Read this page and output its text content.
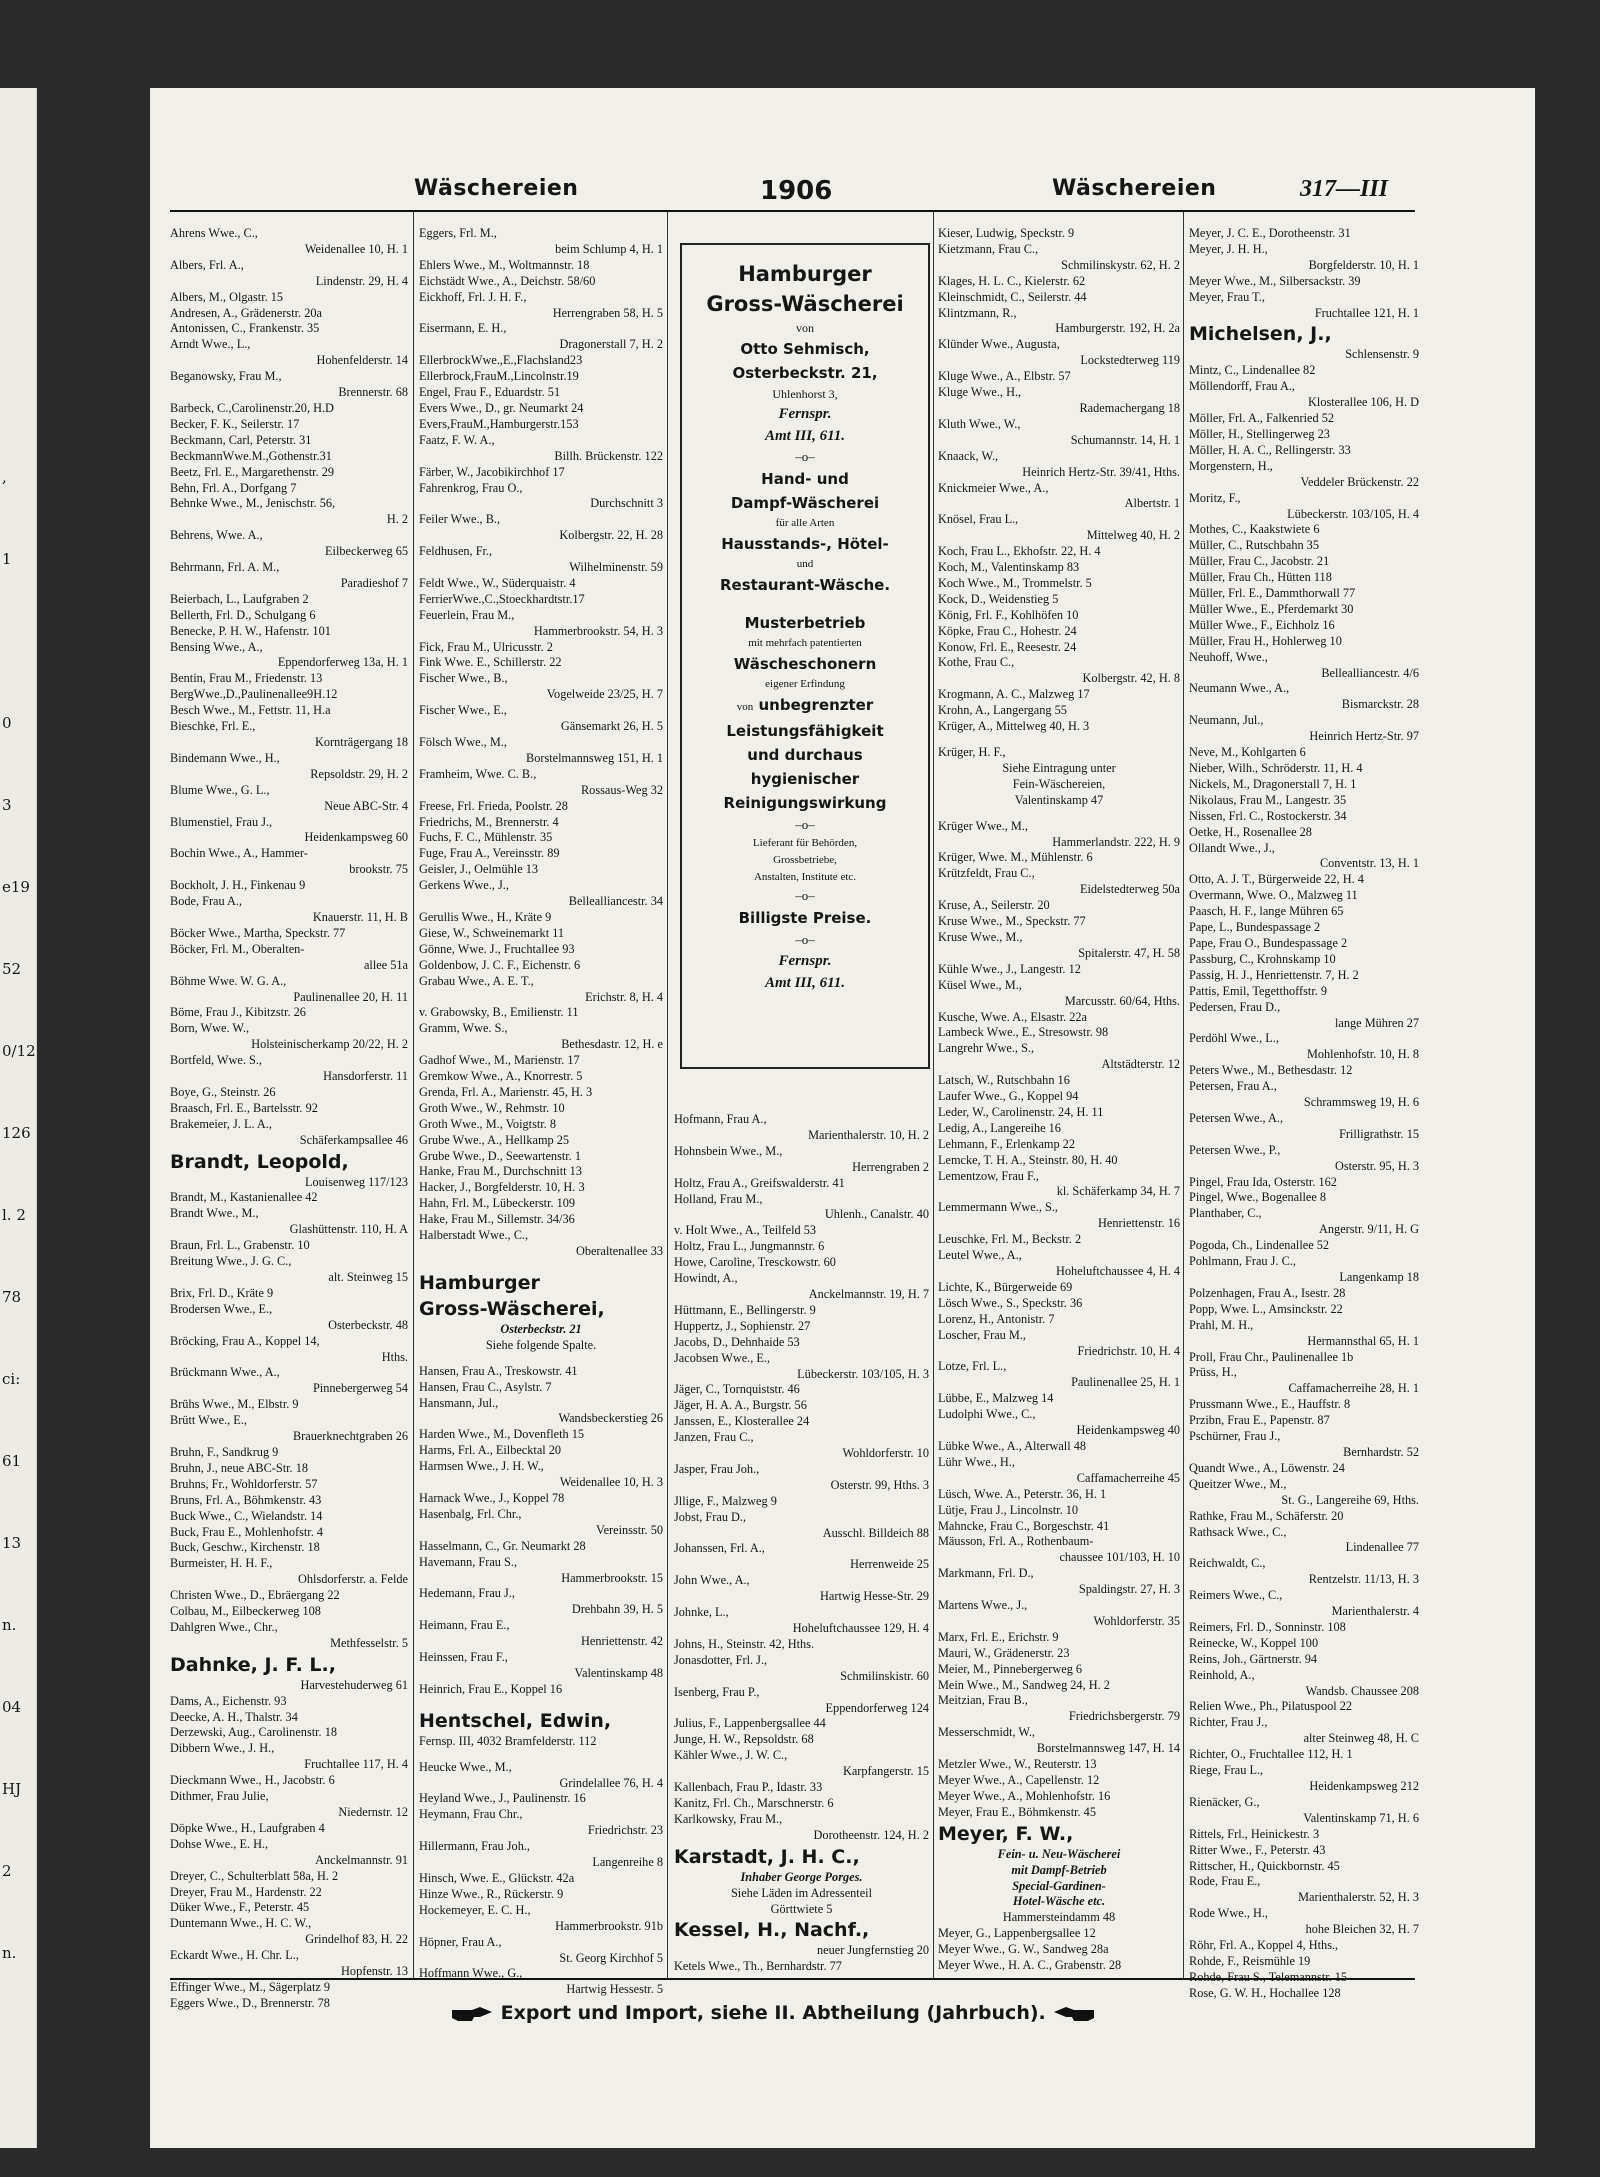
,
1
0
3
e19
52
0/12
126
l. 2
78
ci:
61
13
n.
04
HJ
2
n.
Wäschereien	1906	Wäschereien	317—III
Ahrens Wwe., C.,
Weidenallee 10, H. 1
Albers, Frl. A.,
Lindenstr. 29, H. 4
Albers, M., Olgastr. 15
Andresen, A., Grädenerstr. 20a
Antonissen, C., Frankenstr. 35
Arndt Wwe., L.,
Hohenfelderstr. 14
Beganowsky, Frau M.,
Brennerstr. 68
Barbeck, C.,Carolinenstr.20, H.D
Becker, F. K., Seilerstr. 17
Beckmann, Carl, Peterstr. 31
BeckmannWwe.M.,Gothenstr.31
Beetz, Frl. E., Margarethenstr. 29
Behn, Frl. A., Dorfgang 7
Behnke Wwe., M., Jenischstr. 56,
H. 2
Behrens, Wwe. A.,
Eilbeckerweg 65
Behrmann, Frl. A. M.,
Paradieshof 7
Beierbach, L., Laufgraben 2
Bellerth, Frl. D., Schulgang 6
Benecke, P. H. W., Hafenstr. 101
Bensing Wwe., A.,
Eppendorferweg 13a, H. 1
Bentin, Frau M., Friedenstr. 13
BergWwe.,D.,Paulinenallee9H.12
Besch Wwe., M., Fettstr. 11, H.a
Bieschke, Frl. E.,
Kornträgergang 18
Bindemann Wwe., H.,
Repsoldstr. 29, H. 2
Blume Wwe., G. L.,
Neue ABC-Str. 4
Blumenstiel, Frau J.,
Heidenkampsweg 60
Bochin Wwe., A., Hammer-
brookstr. 75
Bockholt, J. H., Finkenau 9
Bode, Frau A.,
Knauerstr. 11, H. B
Böcker Wwe., Martha, Speckstr. 77
Böcker, Frl. M., Oberalten-
allee 51a
Böhme Wwe. W. G. A.,
Paulinenallee 20, H. 11
Böme, Frau J., Kibitzstr. 26
Born, Wwe. W.,
Holsteinischerkamp 20/22, H. 2
Bortfeld, Wwe. S.,
Hansdorferstr. 11
Boye, G., Steinstr. 26
Braasch, Frl. E., Bartelsstr. 92
Brakemeier, J. L. A.,
Schäferkampsallee 46
Brandt, Leopold,
Louisenweg 117/123
Brandt, M., Kastanienallee 42
Brandt Wwe., M.,
Glashüttenstr. 110, H. A
Braun, Frl. L., Grabenstr. 10
Breitung Wwe., J. G. C.,
alt. Steinweg 15
Brix, Frl. D., Kräte 9
Brodersen Wwe., E.,
Osterbeckstr. 48
Bröcking, Frau A., Koppel 14,
Hths.
Brückmann Wwe., A.,
Pinnebergerweg 54
Brühs Wwe., M., Elbstr. 9
Brütt Wwe., E.,
Brauerknechtgraben 26
Bruhn, F., Sandkrug 9
Bruhn, J., neue ABC-Str. 18
Bruhns, Fr., Wohldorferstr. 57
Bruns, Frl. A., Böhmkenstr. 43
Buck Wwe., C., Wielandstr. 14
Buck, Frau E., Mohlenhofstr. 4
Buck, Geschw., Kirchenstr. 18
Burmeister, H. H. F.,
Ohlsdorferstr. a. Felde
Christen Wwe., D., Ebräergang 22
Colbau, M., Eilbeckerweg 108
Dahlgren Wwe., Chr.,
Methfesselstr. 5
Dahnke, J. F. L.,
Harvestehuderweg 61
Dams, A., Eichenstr. 93
Deecke, A. H., Thalstr. 34
Derzewski, Aug., Carolinenstr. 18
Dibbern Wwe., J. H.,
Fruchtallee 117, H. 4
Dieckmann Wwe., H., Jacobstr. 6
Dithmer, Frau Julie,
Niedernstr. 12
Döpke Wwe., H., Laufgraben 4
Dohse Wwe., E. H.,
Anckelmannstr. 91
Dreyer, C., Schulterblatt 58a, H. 2
Dreyer, Frau M., Hardenstr. 22
Düker Wwe., F., Peterstr. 45
Duntemann Wwe., H. C. W.,
Grindelhof 83, H. 22
Eckardt Wwe., H. Chr. L.,
Hopfenstr. 13
Effinger Wwe., M., Sägerplatz 9
Eggers Wwe., D., Brennerstr. 78
Eggers, Frl. M.,
beim Schlump 4, H. 1
Ehlers Wwe., M., Woltmannstr. 18
Eichstädt Wwe., A., Deichstr. 58/60
Eickhoff, Frl. J. H. F.,
Herrengraben 58, H. 5
Eisermann, E. H.,
Dragonerstall 7, H. 2
EllerbrockWwe.,E.,Flachsland23
Ellerbrock,FrauM.,Lincolnstr.19
Engel, Frau F., Eduardstr. 51
Evers Wwe., D., gr. Neumarkt 24
Evers,FrauM.,Hamburgerstr.153
Faatz, F. W. A.,
Billh. Brückenstr. 122
Färber, W., Jacobikirchhof 17
Fahrenkrog, Frau O.,
Durchschnitt 3
Feiler Wwe., B.,
Kolbergstr. 22, H. 28
Feldhusen, Fr.,
Wilhelminenstr. 59
Feldt Wwe., W., Süderquaistr. 4
FerrierWwe.,C.,Stoeckhardtstr.17
Feuerlein, Frau M.,
Hammerbrookstr. 54, H. 3
Fick, Frau M., Ulricusstr. 2
Fink Wwe. E., Schillerstr. 22
Fischer Wwe., B.,
Vogelweide 23/25, H. 7
Fischer Wwe., E.,
Gänsemarkt 26, H. 5
Fölsch Wwe., M.,
Borstelmannsweg 151, H. 1
Framheim, Wwe. C. B.,
Rossaus-Weg 32
Freese, Frl. Frieda, Poolstr. 28
Friedrichs, M., Brennerstr. 4
Fuchs, F. C., Mühlenstr. 35
Fuge, Frau A., Vereinsstr. 89
Geisler, J., Oelmühle 13
Gerkens Wwe., J.,
Bellealliancestr. 34
Gerullis Wwe., H., Kräte 9
Giese, W., Schweinemarkt 11
Gönne, Wwe. J., Fruchtallee 93
Goldenbow, J. C. F., Eichenstr. 6
Grabau Wwe., A. E. T.,
Erichstr. 8, H. 4
v. Grabowsky, B., Emilienstr. 11
Gramm, Wwe. S.,
Bethesdastr. 12, H. e
Gadhof Wwe., M., Marienstr. 17
Gremkow Wwe., A., Knorrestr. 5
Grenda, Frl. A., Marienstr. 45, H. 3
Groth Wwe., W., Rehmstr. 10
Groth Wwe., M., Voigtstr. 8
Grube Wwe., A., Hellkamp 25
Grube Wwe., D., Seewartenstr. 1
Hanke, Frau M., Durchschnitt 13
Hacker, J., Borgfelderstr. 10, H. 3
Hahn, Frl. M., Lübeckerstr. 109
Hake, Frau M., Sillemstr. 34/36
Halberstadt Wwe., C.,
Oberaltenallee 33
Hamburger
Gross-Wäscherei,
Osterbeckstr. 21
Siehe folgende Spalte.
Hansen, Frau A., Treskowstr. 41
Hansen, Frau C., Asylstr. 7
Hansmann, Jul.,
Wandsbeckerstieg 26
Harden Wwe., M., Dovenfleth 15
Harms, Frl. A., Eilbecktal 20
Harmsen Wwe., J. H. W.,
Weidenallee 10, H. 3
Harnack Wwe., J., Koppel 78
Hasenbalg, Frl. Chr.,
Vereinsstr. 50
Hasselmann, C., Gr. Neumarkt 28
Havemann, Frau S.,
Hammerbrookstr. 15
Hedemann, Frau J.,
Drehbahn 39, H. 5
Heimann, Frau E.,
Henriettenstr. 42
Heinssen, Frau F.,
Valentinskamp 48
Heinrich, Frau E., Koppel 16
Hentschel, Edwin,
Fernsp. III, 4032 Bramfelderstr. 112
Heucke Wwe., M.,
Grindelallee 76, H. 4
Heyland Wwe., J., Paulinenstr. 16
Heymann, Frau Chr.,
Friedrichstr. 23
Hillermann, Frau Joh.,
Langenreihe 8
Hinsch, Wwe. E., Glückstr. 42a
Hinze Wwe., R., Rückerstr. 9
Hockemeyer, E. C. H.,
Hammerbrookstr. 91b
Höpner, Frau A.,
St. Georg Kirchhof 5
Hoffmann Wwe., G.,
Hartwig Hessestr. 5
Hofmann, Frau A.,
Marienthalerstr. 10, H. 2
Hohnsbein Wwe., M.,
Herrengraben 2
Holtz, Frau A., Greifswalderstr. 41
Holland, Frau M.,
Uhlenh., Canalstr. 40
v. Holt Wwe., A., Teilfeld 53
Holtz, Frau L., Jungmannstr. 6
Howe, Caroline, Tresckowstr. 60
Howindt, A.,
Anckelmannstr. 19, H. 7
Hüttmann, E., Bellingerstr. 9
Huppertz, J., Sophienstr. 27
Jacobs, D., Dehnhaide 53
Jacobsen Wwe., E.,
Lübeckerstr. 103/105, H. 3
Jäger, C., Tornquiststr. 46
Jäger, H. A. A., Burgstr. 56
Janssen, E., Klosterallee 24
Janzen, Frau C.,
Wohldorferstr. 10
Jasper, Frau Joh.,
Osterstr. 99, Hths. 3
Jllige, F., Malzweg 9
Jobst, Frau D.,
Ausschl. Billdeich 88
Johanssen, Frl. A.,
Herrenweide 25
John Wwe., A.,
Hartwig Hesse-Str. 29
Johnke, L.,
Hoheluftchaussee 129, H. 4
Johns, H., Steinstr. 42, Hths.
Jonasdotter, Frl. J.,
Schmilinskistr. 60
Isenberg, Frau P.,
Eppendorferweg 124
Julius, F., Lappenbergsallee 44
Junge, H. W., Repsoldstr. 68
Kähler Wwe., J. W. C.,
Karpfangerstr. 15
Kallenbach, Frau P., Idastr. 33
Kanitz, Frl. Ch., Marschnerstr. 6
Karlkowsky, Frau M.,
Dorotheenstr. 124, H. 2
Karstadt, J. H. C.,
Inhaber George Porges.
Siehe Läden im Adressenteil
Görttwiete 5
Kessel, H., Nachf.,
neuer Jungfernstieg 20
Ketels Wwe., Th., Bernhardstr. 77
Kieser, Ludwig, Speckstr. 9
Kietzmann, Frau C.,
Schmilinskystr. 62, H. 2
Klages, H. L. C., Kielerstr. 62
Kleinschmidt, C., Seilerstr. 44
Klintzmann, R.,
Hamburgerstr. 192, H. 2a
Klünder Wwe., Augusta,
Lockstedterweg 119
Kluge Wwe., A., Elbstr. 57
Kluge Wwe., H.,
Rademachergang 18
Kluth Wwe., W.,
Schumannstr. 14, H. 1
Knaack, W.,
Heinrich Hertz-Str. 39/41, Hths.
Knickmeier Wwe., A.,
Albertstr. 1
Knösel, Frau L.,
Mittelweg 40, H. 2
Koch, Frau L., Ekhofstr. 22, H. 4
Koch, M., Valentinskamp 83
Koch Wwe., M., Trommelstr. 5
Kock, D., Weidenstieg 5
König, Frl. F., Kohlhöfen 10
Köpke, Frau C., Hohestr. 24
Konow, Frl. E., Reesestr. 24
Kothe, Frau C.,
Kolbergstr. 42, H. 8
Krogmann, A. C., Malzweg 17
Krohn, A., Langergang 55
Krüger, A., Mittelweg 40, H. 3
Krüger, H. F.,
Siehe Eintragung unter
Fein-Wäschereien,
Valentinskamp 47
Krüger Wwe., M.,
Hammerlandstr. 222, H. 9
Krüger, Wwe. M., Mühlenstr. 6
Krützfeldt, Frau C.,
Eidelstedterweg 50a
Kruse, A., Seilerstr. 20
Kruse Wwe., M., Speckstr. 77
Kruse Wwe., M.,
Spitalerstr. 47, H. 58
Kühle Wwe., J., Langestr. 12
Küsel Wwe., M.,
Marcusstr. 60/64, Hths.
Kusche, Wwe. A., Elsastr. 22a
Lambeck Wwe., E., Stresowstr. 98
Langrehr Wwe., S.,
Altstädterstr. 12
Latsch, W., Rutschbahn 16
Laufer Wwe., G., Koppel 94
Leder, W., Carolinenstr. 24, H. 11
Ledig, A., Langereihe 16
Lehmann, F., Erlenkamp 22
Lemcke, T. H. A., Steinstr. 80, H. 40
Lementzow, Frau F.,
kl. Schäferkamp 34, H. 7
Lemmermann Wwe., S.,
Henriettenstr. 16
Leuschke, Frl. M., Beckstr. 2
Leutel Wwe., A.,
Hoheluftchaussee 4, H. 4
Lichte, K., Bürgerweide 69
Lösch Wwe., S., Speckstr. 36
Lorenz, H., Antonistr. 7
Loscher, Frau M.,
Friedrichstr. 10, H. 4
Lotze, Frl. L.,
Paulinenallee 25, H. 1
Lübbe, E., Malzweg 14
Ludolphi Wwe., C.,
Heidenkampsweg 40
Lübke Wwe., A., Alterwall 48
Lühr Wwe., H.,
Caffamacherreihe 45
Lüsch, Wwe. A., Peterstr. 36, H. 1
Lütje, Frau J., Lincolnstr. 10
Mahncke, Frau C., Borgeschstr. 41
Mäusson, Frl. A., Rothenbaum-
chaussee 101/103, H. 10
Markmann, Frl. D.,
Spaldingstr. 27, H. 3
Martens Wwe., J.,
Wohldorferstr. 35
Marx, Frl. E., Erichstr. 9
Mauri, W., Grädenerstr. 23
Meier, M., Pinnebergerweg 6
Mein Wwe., M., Sandweg 24, H. 2
Meitzian, Frau B.,
Friedrichsbergerstr. 79
Messerschmidt, W.,
Borstelmannsweg 147, H. 14
Metzler Wwe., W., Reuterstr. 13
Meyer Wwe., A., Capellenstr. 12
Meyer Wwe., A., Mohlenhofstr. 16
Meyer, Frau E., Böhmkenstr. 45
Meyer, F. W.,
Fein- u. Neu-Wäscherei
mit Dampf-Betrieb
Special-Gardinen-
Hotel-Wäsche etc.
Hammersteindamm 48
Meyer, G., Lappenbergsallee 12
Meyer Wwe., G. W., Sandweg 28a
Meyer Wwe., H. A. C., Grabenstr. 28
Meyer, J. C. E., Dorotheenstr. 31
Meyer, J. H. H.,
Borgfelderstr. 10, H. 1
Meyer Wwe., M., Silbersackstr. 39
Meyer, Frau T.,
Fruchtallee 121, H. 1
Michelsen, J.,
Schlensenstr. 9
Mintz, C., Lindenallee 82
Möllendorff, Frau A.,
Klosterallee 106, H. D
Möller, Frl. A., Falkenried 52
Möller, H., Stellingerweg 23
Möller, H. A. C., Rellingerstr. 33
Morgenstern, H.,
Veddeler Brückenstr. 22
Moritz, F.,
Lübeckerstr. 103/105, H. 4
Mothes, C., Kaakstwiete 6
Müller, C., Rutschbahn 35
Müller, Frau C., Jacobstr. 21
Müller, Frau Ch., Hütten 118
Müller, Frl. E., Dammthorwall 77
Müller Wwe., E., Pferdemarkt 30
Müller Wwe., F., Eichholz 16
Müller, Frau H., Hohlerweg 10
Neuhoff, Wwe.,
Bellealliancestr. 4/6
Neumann Wwe., A.,
Bismarckstr. 28
Neumann, Jul.,
Heinrich Hertz-Str. 97
Neve, M., Kohlgarten 6
Nieber, Wilh., Schröderstr. 11, H. 4
Nickels, M., Dragonerstall 7, H. 1
Nikolaus, Frau M., Langestr. 35
Nissen, Frl. C., Rostockerstr. 34
Oetke, H., Rosenallee 28
Ollandt Wwe., J.,
Conventstr. 13, H. 1
Otto, A. J. T., Bürgerweide 22, H. 4
Overmann, Wwe. O., Malzweg 11
Paasch, H. F., lange Mühren 65
Pape, L., Bundespassage 2
Pape, Frau O., Bundespassage 2
Passburg, C., Krohnskamp 10
Passig, H. J., Henriettenstr. 7, H. 2
Pattis, Emil, Tegetthoffstr. 9
Pedersen, Frau D.,
lange Mühren 27
Perdöhl Wwe., L.,
Mohlenhofstr. 10, H. 8
Peters Wwe., M., Bethesdastr. 12
Petersen, Frau A.,
Schrammsweg 19, H. 6
Petersen Wwe., A.,
Frilligrathstr. 15
Petersen Wwe., P.,
Osterstr. 95, H. 3
Pingel, Frau Ida, Osterstr. 162
Pingel, Wwe., Bogenallee 8
Planthaber, C.,
Angerstr. 9/11, H. G
Pogoda, Ch., Lindenallee 52
Pohlmann, Frau J. C.,
Langenkamp 18
Polzenhagen, Frau A., Isestr. 28
Popp, Wwe. L., Amsinckstr. 22
Prahl, M. H.,
Hermannsthal 65, H. 1
Proll, Frau Chr., Paulinenallee 1b
Prüss, H.,
Caffamacherreihe 28, H. 1
Prussmann Wwe., E., Hauffstr. 8
Przibn, Frau E., Papenstr. 87
Pschürner, Frau J.,
Bernhardstr. 52
Quandt Wwe., A., Löwenstr. 24
Queitzer Wwe., M.,
St. G., Langereihe 69, Hths.
Rathke, Frau M., Schäferstr. 20
Rathsack Wwe., C.,
Lindenallee 77
Reichwaldt, C.,
Rentzelstr. 11/13, H. 3
Reimers Wwe., C.,
Marienthalerstr. 4
Reimers, Frl. D., Sonninstr. 108
Reinecke, W., Koppel 100
Reins, Joh., Gärtnerstr. 94
Reinhold, A.,
Wandsb. Chaussee 208
Relien Wwe., Ph., Pilatuspool 22
Richter, Frau J.,
alter Steinweg 48, H. C
Richter, O., Fruchtallee 112, H. 1
Riege, Frau L.,
Heidenkampsweg 212
Rienäcker, G.,
Valentinskamp 71, H. 6
Rittels, Frl., Heinickestr. 3
Ritter Wwe., F., Peterstr. 43
Rittscher, H., Quickbornstr. 45
Rode, Frau E.,
Marienthalerstr. 52, H. 3
Rode Wwe., H.,
hohe Bleichen 32, H. 7
Röhr, Frl. A., Koppel 4, Hths.,
Rohde, F., Reismühle 19
Rohde, Frau S., Telemannstr. 15
Rose, G. W. H., Hochallee 128
Hamburger
Gross-Wäscherei
von
Otto Sehmisch,
Osterbeckstr. 21,
Uhlenhorst 3,
Fernspr.
Amt III, 611.
–o–
Hand- und
Dampf-Wäscherei
für alle Arten
Hausstands-, Hötel-
und
Restaurant-Wäsche.
Musterbetrieb
mit mehrfach patentierten
Wäscheschonern
eigener Erfindung
von unbegrenzter
Leistungsfähigkeit
und durchaus
hygienischer
Reinigungswirkung
–o–
Lieferant für Behörden,
Grossbetriebe,
Anstalten, Institute etc.
–o–
Billigste Preise.
–o–
Fernspr.
Amt III, 611.
Export und Import, siehe II. Abtheilung (Jahrbuch).
